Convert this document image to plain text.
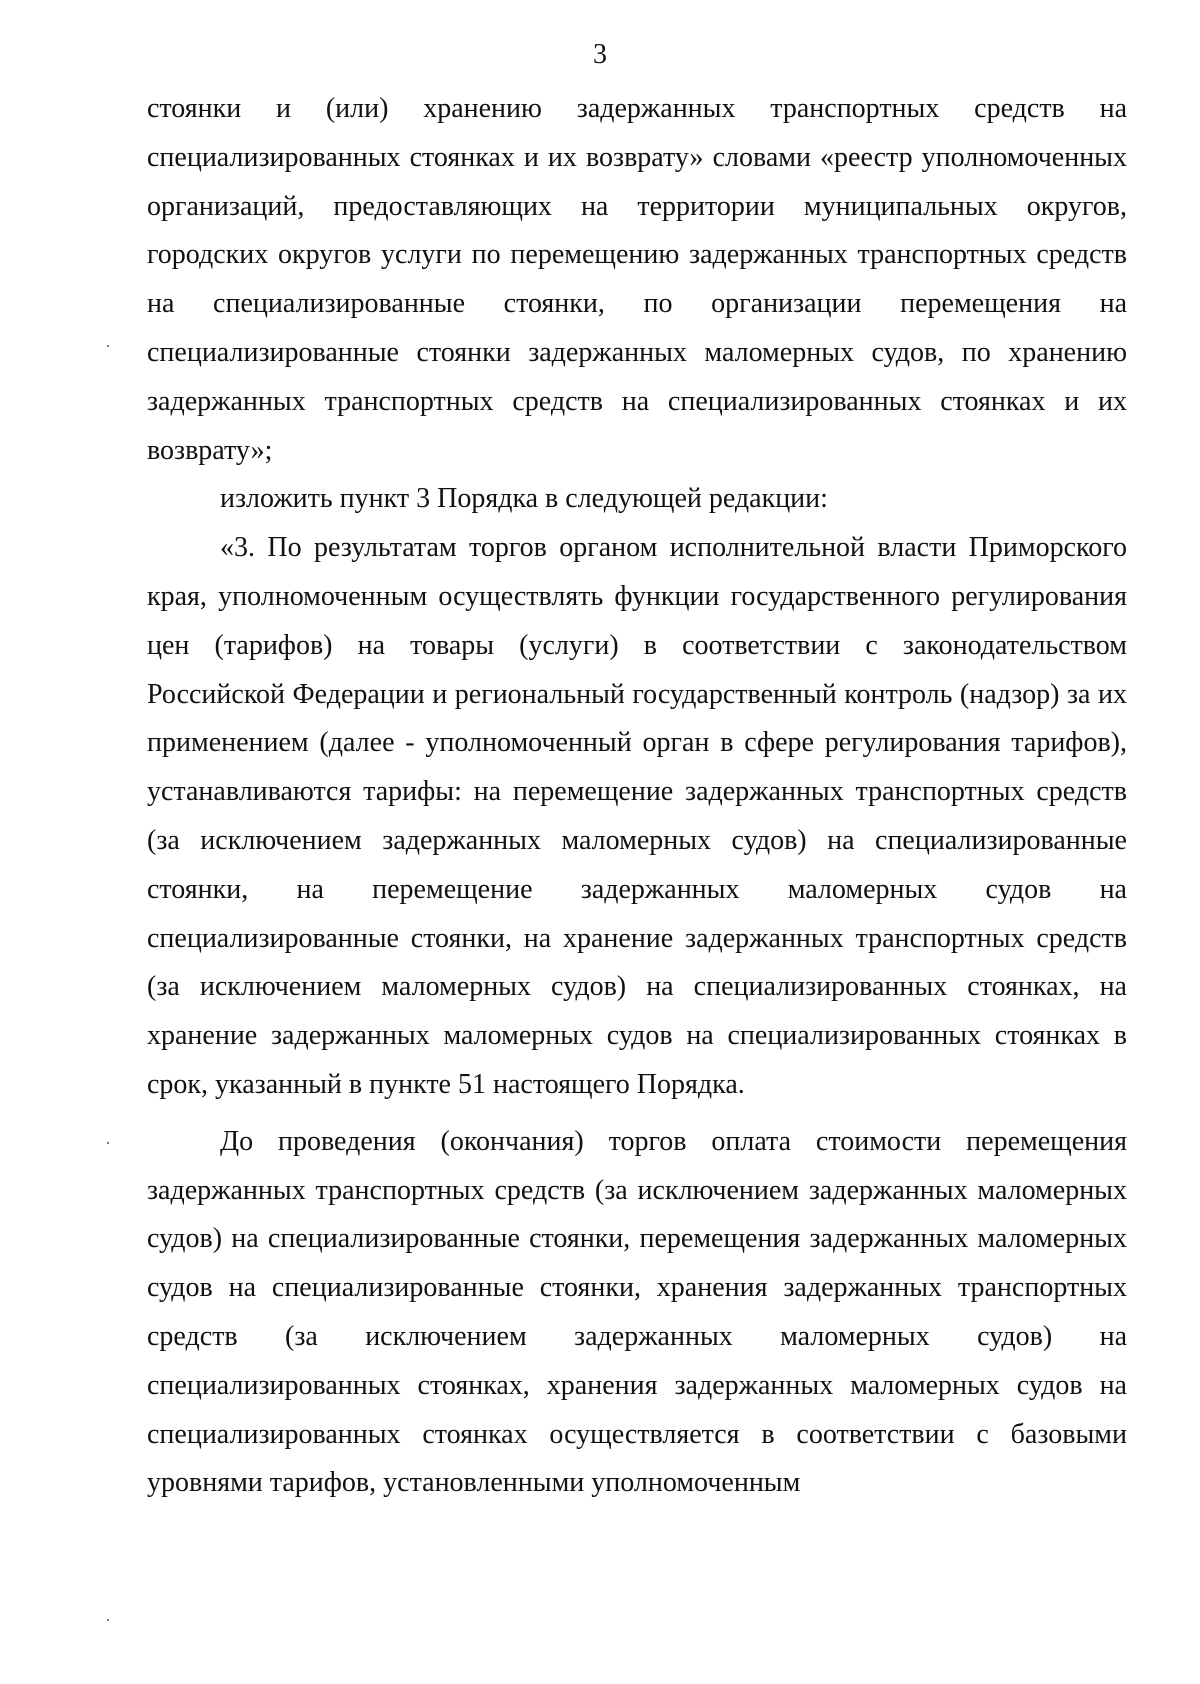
3

стоянки и (или) хранению задержанных транспортных средств на специализированных стоянках и их возврату» словами «реестр уполномоченных организаций, предоставляющих на территории муниципальных округов, городских округов услуги по перемещению задержанных транспортных средств на специализированные стоянки, по организации перемещения на специализированные стоянки задержанных маломерных судов, по хранению задержанных транспортных средств на специализированных стоянках и их возврату»;

изложить пункт 3 Порядка в следующей редакции:

«3. По результатам торгов органом исполнительной власти Приморского края, уполномоченным осуществлять функции государственного регулирования цен (тарифов) на товары (услуги) в соответствии с законодательством Российской Федерации и региональный государственный контроль (надзор) за их применением (далее - уполномоченный орган в сфере регулирования тарифов), устанавливаются тарифы: на перемещение задержанных транспортных средств (за исключением задержанных маломерных судов) на специализированные стоянки, на перемещение задержанных маломерных судов на специализированные стоянки, на хранение задержанных транспортных средств (за исключением маломерных судов) на специализированных стоянках, на хранение задержанных маломерных судов на специализированных стоянках в срок, указанный в пункте 51 настоящего Порядка.

До проведения (окончания) торгов оплата стоимости перемещения задержанных транспортных средств (за исключением задержанных маломерных судов) на специализированные стоянки, перемещения задержанных маломерных судов на специализированные стоянки, хранения задержанных транспортных средств (за исключением задержанных маломерных судов) на специализированных стоянках, хранения задержанных маломерных судов на специализированных стоянках осуществляется в соответствии с базовыми уровнями тарифов, установленными уполномоченным
